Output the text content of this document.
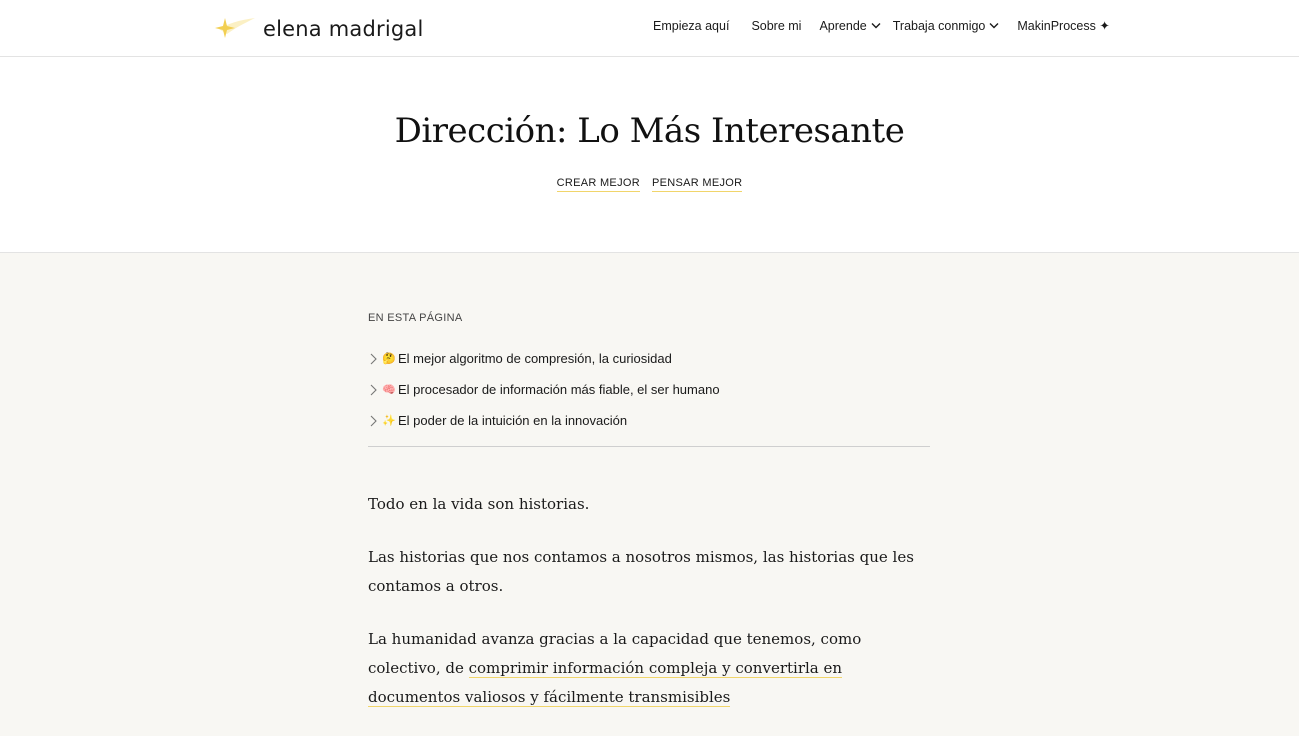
elena madrigal	Empieza aquí Sobre mi Aprende Trabaja conmigo	MakinProcess ✦
Dirección: Lo Más Interesante
CREAR MEJOR PENSAR MEJOR
EN ESTA PÁGINA
🤔 El mejor algoritmo de compresión, la curiosidad
🧠 El procesador de información más fiable, el ser humano
✨ El poder de la intuición en la innovación

Todo en la vida son historias.

Las historias que nos contamos a nosotros mismos, las historias que les contamos a otros.

La humanidad avanza gracias a la capacidad que tenemos, como colectivo, de comprimir información compleja y convertirla en documentos valiosos y fácilmente transmisibles
